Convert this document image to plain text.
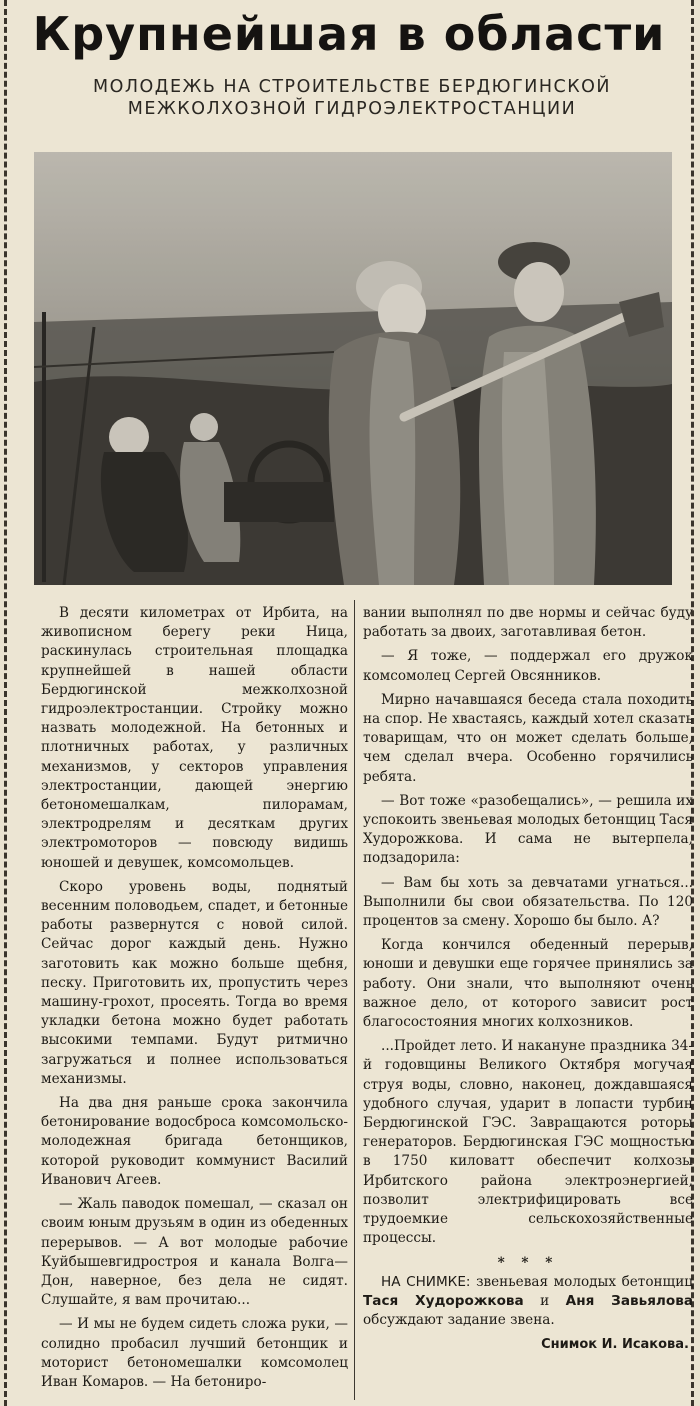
Крупнейшая в области
МОЛОДЕЖЬ НА СТРОИТЕЛЬСТВЕ БЕРДЮГИНСКОЙ
МЕЖКОЛХОЗНОЙ ГИДРОЭЛЕКТРОСТАНЦИИ

В десяти километрах от Ирбита, на живописном берегу реки Ница, раскинулась строительная площадка крупнейшей в нашей области Бердюгинской межколхозной гидроэлектростанции. Стройку можно назвать молодежной. На бетонных и плотничных работах, у различных механизмов, у секторов управления электростанции, дающей энергию бетономешалкам, пилорамам, электродрелям и десяткам других электромоторов — повсюду видишь юношей и девушек, комсомольцев.

Скоро уровень воды, поднятый весенним половодьем, спадет, и бетонные работы развернутся с новой силой. Сейчас дорог каждый день. Нужно заготовить как можно больше щебня, песку. Приготовить их, пропустить через машину-грохот, просеять. Тогда во время укладки бетона можно будет работать высокими темпами. Будут ритмично загружаться и полнее использоваться механизмы.

На два дня раньше срока закончила бетонирование водосброса комсомольско-молодежная бригада бетонщиков, которой руководит коммунист Василий Иванович Агеев.

— Жаль паводок помешал, — сказал он своим юным друзьям в один из обеденных перерывов. — А вот молодые рабочие Куйбышевгидростроя и канала Волга—Дон, наверное, без дела не сидят. Слушайте, я вам прочитаю...

— И мы не будем сидеть сложа руки, — солидно пробасил лучший бетонщик и моторист бетономешалки комсомолец Иван Комаров. — На бетониро-

вании выполнял по две нормы и сейчас буду работать за двоих, заготавливая бетон.

— Я тоже, — поддержал его дружок комсомолец Сергей Овсянников.

Мирно начавшаяся беседа стала походить на спор. Не хвастаясь, каждый хотел сказать товарищам, что он может сделать больше, чем сделал вчера. Особенно горячились ребята.

— Вот тоже «разобещались», — решила их успокоить звеньевая молодых бетонщиц Тася Худорожкова. И сама не вытерпела, подзадорила:

— Вам бы хоть за девчатами угнаться... Выполнили бы свои обязательства. По 120 процентов за смену. Хорошо бы было. А?

Когда кончился обеденный перерыв, юноши и девушки еще горячее принялись за работу. Они знали, что выполняют очень важное дело, от которого зависит рост благосостояния многих колхозников.

...Пройдет лето. И накануне праздника 34-й годовщины Великого Октября могучая струя воды, словно, наконец, дождавшаяся удобного случая, ударит в лопасти турбин Бердюгинской ГЭС. Завращаются роторы генераторов. Бердюгинская ГЭС мощностью в 1750 киловатт обеспечит колхозы Ирбитского района электроэнергией, позволит электрифицировать все трудоемкие сельскохозяйственные процессы.

* * *

НА СНИМКЕ: звеньевая молодых бетонщиц Тася Худорожкова и Аня Завьялова обсуждают задание звена.

Снимок И. Исакова.
